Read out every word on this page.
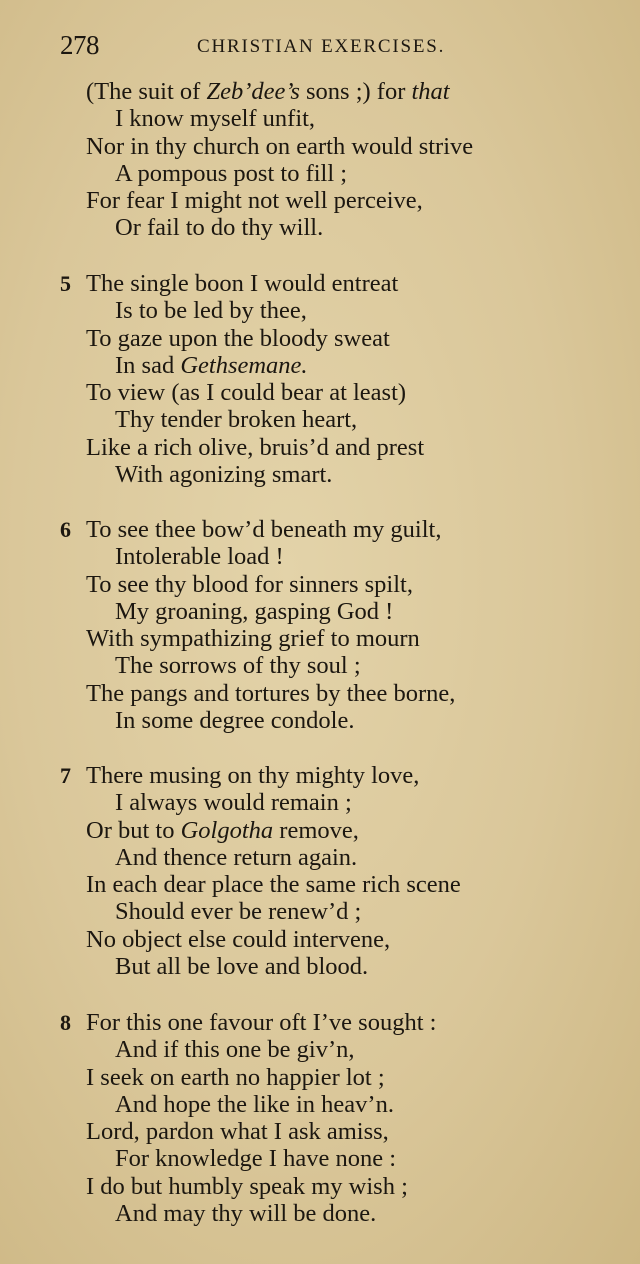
278	CHRISTIAN EXERCISES.
(The suit of Zeb’dee’s sons ;) for that
I know myself unfit,
Nor in thy church on earth would strive
A pompous post to fill ;
For fear I might not well perceive,
Or fail to do thy will.
5 The single boon I would entreat
Is to be led by thee,
To gaze upon the bloody sweat
In sad Gethsemane.
To view (as I could bear at least)
Thy tender broken heart,
Like a rich olive, bruis’d and prest
With agonizing smart.
6 To see thee bow’d beneath my guilt,
Intolerable load !
To see thy blood for sinners spilt,
My groaning, gasping God !
With sympathizing grief to mourn
The sorrows of thy soul ;
The pangs and tortures by thee borne,
In some degree condole.
7 There musing on thy mighty love,
I always would remain ;
Or but to Golgotha remove,
And thence return again.
In each dear place the same rich scene
Should ever be renew’d ;
No object else could intervene,
But all be love and blood.
8 For this one favour oft I’ve sought :
And if this one be giv’n,
I seek on earth no happier lot ;
And hope the like in heav’n.
Lord, pardon what I ask amiss,
For knowledge I have none :
I do but humbly speak my wish ;
And may thy will be done.
